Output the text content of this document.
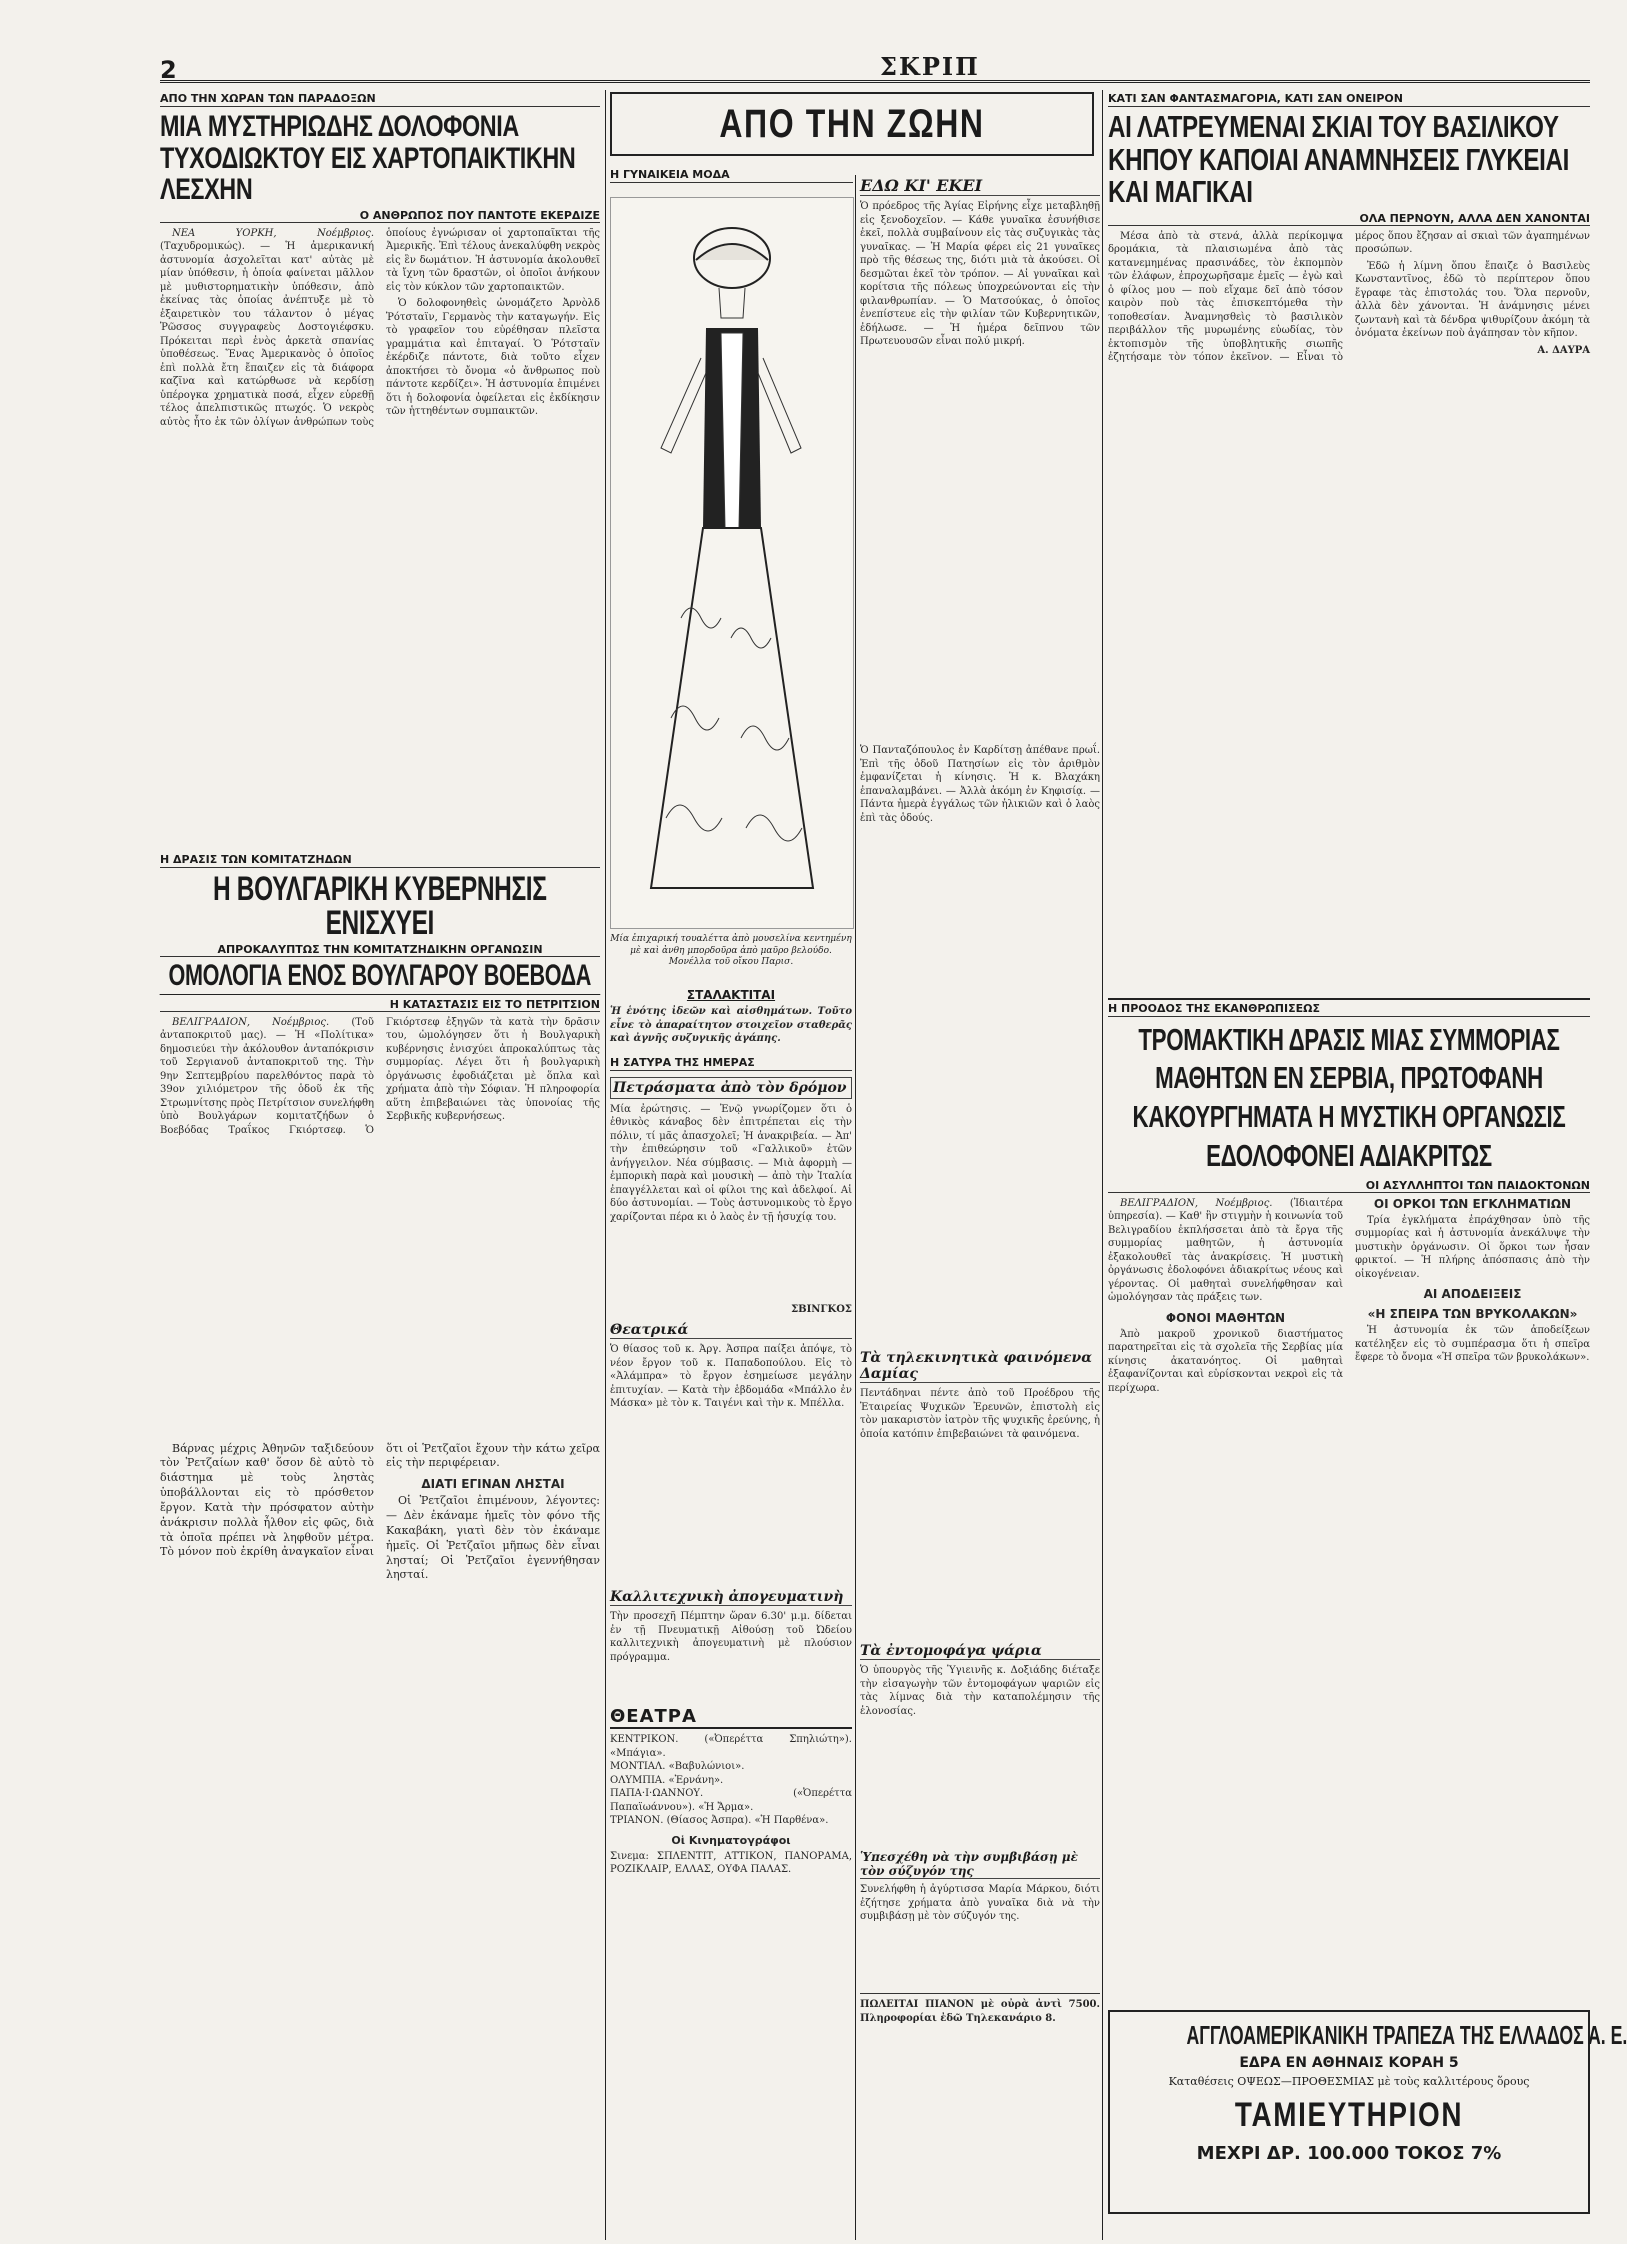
2	ΣΚΡΙΠ
ΑΠΟ ΤΗΝ ΧΩΡΑΝ ΤΩΝ ΠΑΡΑΔΟΞΩΝ
ΜΙΑ ΜΥΣΤΗΡΙΩΔΗΣ ΔΟΛΟΦΟΝΙΑ ΤΥΧΟΔΙΩΚΤΟΥ ΕΙΣ ΧΑΡΤΟΠΑΙΚΤΙΚΗΝ ΛΕΣΧΗΝ
Ο ΑΝΘΡΩΠΟΣ ΠΟΥ ΠΑΝΤΟΤΕ ΕΚΕΡΔΙΖΕ

ΝΕΑ ΥΟΡΚΗ, Νοέμβριος. (Ταχυδρομικώς). — Ἡ ἀμερικανική ἀστυνομία ἀσχολεῖται κατ' αὐτὰς μὲ μίαν ὑπόθεσιν, ἡ ὁποία φαίνεται μᾶλλον μὲ μυθιστορηματικὴν ὑπόθεσιν, ἀπὸ ἐκείνας τὰς ὁποίας ἀνέπτυξε μὲ τὸ ἐξαιρετικὸν του τάλαντον ὁ μέγας Ῥῶσσος συγγραφεὺς Δοστογιέφσκυ. Πρόκειται περὶ ἑνὸς ἀρκετὰ σπανίας ὑποθέσεως. Ἕνας Ἀμερικανὸς ὁ ὁποῖος ἐπὶ πολλὰ ἔτη ἔπαιζεν εἰς τὰ διάφορα καζῖνα καὶ κατώρθωσε νὰ κερδίσῃ ὑπέρογκα χρηματικὰ ποσά, εἶχεν εὑρεθῇ τέλος ἀπελπιστικῶς πτωχός. Ὁ νεκρὸς αὐτὸς ἦτο ἐκ τῶν ὀλίγων ἀνθρώπων τοὺς ὁποίους ἐγνώρισαν οἱ χαρτοπαῖκται τῆς Ἀμερικῆς. Ἐπὶ τέλους ἀνεκαλύφθη νεκρὸς εἰς ἓν δωμάτιον. Ἡ ἀστυνομία ἀκολουθεῖ τὰ ἴχνη τῶν δραστῶν, οἱ ὁποῖοι ἀνήκουν εἰς τὸν κύκλον τῶν χαρτοπαικτῶν.

Ὁ δολοφονηθεὶς ὠνομάζετο Ἀρνὸλδ Ῥότσταϊν, Γερμανὸς τὴν καταγωγήν. Εἰς τὸ γραφεῖον του εὑρέθησαν πλεῖστα γραμμάτια καὶ ἐπιταγαί. Ὁ Ῥότσταϊν ἐκέρδιζε πάντοτε, διὰ τοῦτο εἶχεν ἀποκτήσει τὸ ὄνομα «ὁ ἄνθρωπος ποὺ πάντοτε κερδίζει». Ἡ ἀστυνομία ἐπιμένει ὅτι ἡ δολοφονία ὀφείλεται εἰς ἐκδίκησιν τῶν ἡττηθέντων συμπαικτῶν.

Η ΔΡΑΣΙΣ ΤΩΝ ΚΟΜΙΤΑΤΖΗΔΩΝ
Η ΒΟΥΛΓΑΡΙΚΗ ΚΥΒΕΡΝΗΣΙΣ ΕΝΙΣΧΥΕΙ
ΑΠΡΟΚΑΛΥΠΤΩΣ ΤΗΝ ΚΟΜΙΤΑΤΖΗΔΙΚΗΝ ΟΡΓΑΝΩΣΙΝ
ΟΜΟΛΟΓΙΑ ΕΝΟΣ ΒΟΥΛΓΑΡΟΥ ΒΟΕΒΟΔΑ
Η ΚΑΤΑΣΤΑΣΙΣ ΕΙΣ ΤΟ ΠΕΤΡΙΤΣΙΟΝ

ΒΕΛΙΓΡΑΔΙΟΝ, Νοέμβριος. (Τοῦ ἀνταποκριτοῦ μας). — Ἡ «Πολίτικα» δημοσιεύει τὴν ἀκόλουθον ἀνταπόκρισιν τοῦ Σεργιανοῦ ἀνταποκριτοῦ της. Τὴν 9ην Σεπτεμβρίου παρελθόντος παρὰ τὸ 39ον χιλιόμετρον τῆς ὁδοῦ ἐκ τῆς Στρωμνίτσης πρὸς Πετρίτσιον συνελήφθη ὑπὸ Βουλγάρων κομιτατζήδων ὁ Βοεβόδας Τραΐκος Γκιόρτσεφ. Ὁ Γκιόρτσεφ ἐξηγῶν τὰ κατὰ τὴν δρᾶσιν του, ὡμολόγησεν ὅτι ἡ Βουλγαρικὴ κυβέρνησις ἐνισχύει ἀπροκαλύπτως τὰς συμμορίας. Λέγει ὅτι ἡ βουλγαρικὴ ὀργάνωσις ἐφοδιάζεται μὲ ὅπλα καὶ χρήματα ἀπὸ τὴν Σόφιαν. Ἡ πληροφορία αὕτη ἐπιβεβαιώνει τὰς ὑπονοίας τῆς Σερβικῆς κυβερνήσεως.

Βάρνας μέχρις Ἀθηνῶν ταξιδεύουν τὸν Ῥετζαίων καθ' ὅσον δὲ αὐτὸ τὸ διάστημα μὲ τοὺς ληστὰς ὑποβάλλονται εἰς τὸ πρόσθετον ἔργον. Κατὰ τὴν πρόσφατον αὐτὴν ἀνάκρισιν πολλὰ ἦλθον εἰς φῶς, διὰ τὰ ὁποῖα πρέπει νὰ ληφθοῦν μέτρα. Τὸ μόνον ποὺ ἐκρίθη ἀναγκαῖον εἶναι ὅτι οἱ Ῥετζαῖοι ἔχουν τὴν κάτω χεῖρα εἰς τὴν περιφέρειαν.

ΔΙΑΤΙ ΕΓΙΝΑΝ ΛΗΣΤΑΙ

Οἱ Ῥετζαῖοι ἐπιμένουν, λέγοντες: — Δὲν ἐκάναμε ἡμεῖς τὸν φόνο τῆς Κακαβάκη, γιατὶ δὲν τὸν ἐκάναμε ἡμεῖς. Οἱ Ῥετζαῖοι μῆπως δὲν εἶναι λησταί; Οἱ Ῥετζαῖοι ἐγεννήθησαν λησταί.

ΑΠΟ ΤΗΝ ΖΩΗΝ
Η ΓΥΝΑΙΚΕΙΑ ΜΟΔΑ
Μία ἐπιχαρική τουαλέττα ἀπὸ μουσελίνα κεντημένη μὲ καὶ ἀνθη μπορδοῦρα ἀπὸ μαῦρο βελούδο. Μονέλλα τοῦ οἴκου Παρισ.
ΣΤΑΛΑΚΤΙΤΑΙ
Ἡ ἑνότης ἰδεῶν καὶ αἰσθημάτων. Τοῦτο εἶνε τὸ ἀπαραίτητον στοιχεῖον σταθερᾶς καὶ ἀγνῆς συζυγικῆς ἀγάπης.
Η ΣΑΤΥΡΑ ΤΗΣ ΗΜΕΡΑΣ
Πετράσματα ἀπὸ τὸν δρόμον
Μία ἐρώτησις. — Ἐνῷ γνωρίζομεν ὅτι ὁ ἐθνικὸς κάναβος δὲν ἐπιτρέπεται εἰς τὴν πόλιν, τί μᾶς ἀπασχολεῖ; Ἡ ἀνακριβεία. — Ἀπ' τὴν ἐπιθεώρησιν τοῦ «Γαλλικοῦ» ἐτῶν ἀνήγγειλον. Νέα σύμβασις. — Μιὰ ἀφορμὴ — ἐμπορικὴ παρὰ καὶ μουσικὴ — ἀπὸ τὴν Ἰταλία ἐπαγγέλλεται καὶ οἱ φίλοι της καὶ ἀδελφοί. Αἱ δύο ἀστυνομίαι. — Τοὺς ἀστυνομικοὺς τὸ ἔργο χαρίζονται πέρα κι ὁ λαὸς ἐν τῇ ἡσυχίᾳ του.
ΣΒΙΝΓΚΟΣ
Θεατρικά
Ὁ θίασος τοῦ κ. Ἀργ. Ἀσπρα παίξει ἀπόψε, τὸ νέον ἔργον τοῦ κ. Παπαδοπούλου. Εἰς τὸ «Ἀλάμπρα» τὸ ἔργον ἐσημείωσε μεγάλην ἐπιτυχίαν. — Κατὰ τὴν ἑβδομάδα «Μπάλλο ἐν Μάσκα» μὲ τὸν κ. Ταιγένι καὶ τὴν κ. Μπέλλα.
Καλλιτεχνικὴ ἀπογευματινὴ
Τὴν προσεχῆ Πέμπτην ὥραν 6.30' μ.μ. δίδεται ἐν τῇ Πνευματικῇ Αἰθούσῃ τοῦ Ὠδείου καλλιτεχνικὴ ἀπογευματινὴ μὲ πλούσιον πρόγραμμα.
ΘΕΑΤΡΑ
ΚΕΝΤΡΙΚΟΝ. («Ὀπερέττα Σπηλιώτη»). «Μπάγια».
ΜΟΝΤΙΑΛ. «Βαβυλώνιοι».
ΟΛΥΜΠΙΑ. «Ἐρνάνη».
ΠΑΠΑ·Ι·ΩΑΝΝΟΥ. («Ὀπερέττα Παπαϊωάννου»). «Ἡ Ἄρμα».
ΤΡΙΑΝΟΝ. (Θίασος Ἀσπρα). «Ἡ Παρθένα».
Οἱ Κινηματογράφοι
Σινεμα: ΣΠΛΕΝΤΙΤ, ΑΤΤΙΚΟΝ, ΠΑΝΟΡΑΜΑ, ΡΟΖΙΚΛΑΙΡ, ΕΛΛΑΣ, ΟΥΦΑ ΠΑΛΑΣ.
ΕΔΩ ΚΙ' ΕΚΕΙ
Ὁ πρόεδρος τῆς Ἀγίας Εἰρήνης εἶχε μεταβληθῇ εἰς ξενοδοχεῖον. — Κάθε γυναῖκα ἐσυνήθισε ἐκεῖ, πολλὰ συμβαίνουν εἰς τὰς συζυγικὰς τὰς γυναῖκας. — Ἡ Μαρία φέρει εἰς 21 γυναῖκες πρὸ τῆς θέσεως της, διότι μιὰ τὰ ἀκούσει. Οἱ δεσμῶται ἐκεῖ τὸν τρόπον. — Αἱ γυναῖκαι καὶ κορίτσια τῆς πόλεως ὑποχρεώνονται εἰς τὴν φιλανθρωπίαν. — Ὁ Ματσούκας, ὁ ὁποῖος ἐνεπίστευε εἰς τὴν φιλίαν τῶν Κυβερνητικῶν, ἐδήλωσε. — Ἡ ἡμέρα δεῖπνου τῶν Πρωτευουσῶν εἶναι πολύ μικρή.
Ὁ Πανταζόπουλος ἐν Καρδίτσῃ ἀπέθανε πρωΐ. Ἐπὶ τῆς ὁδοῦ Πατησίων εἰς τὸν ἀριθμὸν ἐμφανίζεται ἡ κίνησις. Ἡ κ. Βλαχάκη ἐπαναλαμβάνει. — Ἀλλὰ ἀκόμη ἐν Κηφισίᾳ. — Πάντα ἡμερὰ ἐγγάλως τῶν ἡλικιῶν καὶ ὁ λαὸς ἐπὶ τὰς ὁδούς.
Τὰ τηλεκινητικὰ φαινόμενα Δαμίας
Πεντάδηναι πέντε ἀπὸ τοῦ Προέδρου τῆς Ἑταιρείας Ψυχικῶν Ἐρευνῶν, ἐπιστολὴ εἰς τὸν μακαριστὸν ἰατρὸν τῆς ψυχικῆς ἐρεύνης, ἡ ὁποία κατόπιν ἐπιβεβαιώνει τὰ φαινόμενα.
Τὰ ἐντομοφάγα ψάρια
Ὁ ὑπουργὸς τῆς Ὑγιεινῆς κ. Δοξιάδης διέταξε τὴν εἰσαγωγὴν τῶν ἐντομοφάγων ψαριῶν εἰς τὰς λίμνας διὰ τὴν καταπολέμησιν τῆς ἑλονοσίας.
Ὑπεσχέθη νὰ τὴν συμβιβάσῃ μὲ τὸν σύζυγόν της
Συνελήφθη ἡ ἀγύρτισσα Μαρία Μάρκου, διότι ἐζήτησε χρήματα ἀπὸ γυναῖκα διὰ νὰ τὴν συμβιβάσῃ μὲ τὸν σύζυγόν της.
ΠΩΛΕΙΤΑΙ ΠΙΑΝΟΝ μὲ οὐρὰ ἀντὶ 7500. Πληροφορίαι ἐδῶ Τηλεκανάριο 8.
ΚΑΤΙ ΣΑΝ ΦΑΝΤΑΣΜΑΓΟΡΙΑ, ΚΑΤΙ ΣΑΝ ΟΝΕΙΡΟΝ
ΑΙ ΛΑΤΡΕΥΜΕΝΑΙ ΣΚΙΑΙ ΤΟΥ ΒΑΣΙΛΙΚΟΥ ΚΗΠΟΥ ΚΑΠΟΙΑΙ ΑΝΑΜΝΗΣΕΙΣ ΓΛΥΚΕΙΑΙ ΚΑΙ ΜΑΓΙΚΑΙ
ΟΛΑ ΠΕΡΝΟΥΝ, ΑΛΛΑ ΔΕΝ ΧΑΝΟΝΤΑΙ

Μέσα ἀπὸ τὰ στενά, ἀλλὰ περίκομψα δρομάκια, τὰ πλαισιωμένα ἀπὸ τὰς κατανεμημένας πρασινάδες, τὸν ἐκπομπὸν τῶν ἐλάφων, ἐπροχωρῆσαμε ἐμεῖς — ἐγὼ καὶ ὁ φίλος μου — ποὺ εἴχαμε δεῖ ἀπὸ τόσον καιρὸν ποὺ τὰς ἐπισκεπτόμεθα τὴν τοποθεσίαν. Ἀναμνησθεὶς τὸ βασιλικὸν περιβάλλον τῆς μυρωμένης εὐωδίας, τὸν ἐκτοπισμὸν τῆς ὑποβλητικῆς σιωπῆς ἐζητήσαμε τὸν τόπον ἐκεῖνον. — Εἶναι τὸ μέρος ὅπου ἔζησαν αἱ σκιαὶ τῶν ἀγαπημένων προσώπων.

Ἐδῶ ἡ λίμνη ὅπου ἔπαιζε ὁ Βασιλεὺς Κωνσταντῖνος, ἐδῶ τὸ περίπτερον ὅπου ἔγραφε τὰς ἐπιστολάς του. Ὅλα περνοῦν, ἀλλὰ δὲν χάνονται. Ἡ ἀνάμνησις μένει ζωντανὴ καὶ τὰ δένδρα ψιθυρίζουν ἀκόμη τὰ ὀνόματα ἐκείνων ποὺ ἀγάπησαν τὸν κῆπον.

Α. ΔΑΥΡΑ
Η ΠΡΟΟΔΟΣ ΤΗΣ ΕΚΑΝΘΡΩΠΙΣΕΩΣ
ΤΡΟΜΑΚΤΙΚΗ ΔΡΑΣΙΣ ΜΙΑΣ ΣΥΜΜΟΡΙΑΣ ΜΑΘΗΤΩΝ ΕΝ ΣΕΡΒΙΑ, ΠΡΩΤΟΦΑΝΗ ΚΑΚΟΥΡΓΗΜΑΤΑ Η ΜΥΣΤΙΚΗ ΟΡΓΑΝΩΣΙΣ ΕΔΟΛΟΦΟΝΕΙ ΑΔΙΑΚΡΙΤΩΣ
ΟΙ ΑΣΥΛΛΗΠΤΟΙ ΤΩΝ ΠΑΙΔΟΚΤΟΝΩΝ

ΒΕΛΙΓΡΑΔΙΟΝ, Νοέμβριος. (Ἰδιαιτέρα ὑπηρεσία). — Καθ' ἣν στιγμὴν ἡ κοινωνία τοῦ Βελιγραδίου ἐκπλήσσεται ἀπὸ τὰ ἔργα τῆς συμμορίας μαθητῶν, ἡ ἀστυνομία ἐξακολουθεῖ τὰς ἀνακρίσεις. Ἡ μυστικὴ ὀργάνωσις ἐδολοφόνει ἀδιακρίτως νέους καὶ γέροντας. Οἱ μαθηταὶ συνελήφθησαν καὶ ὡμολόγησαν τὰς πράξεις των.

ΦΟΝΟΙ ΜΑΘΗΤΩΝ

Ἀπὸ μακροῦ χρονικοῦ διαστήματος παρατηρεῖται εἰς τὰ σχολεῖα τῆς Σερβίας μία κίνησις ἀκατανόητος. Οἱ μαθηταὶ ἐξαφανίζονται καὶ εὑρίσκονται νεκροὶ εἰς τὰ περίχωρα.

ΟΙ ΟΡΚΟΙ ΤΩΝ ΕΓΚΛΗΜΑΤΙΩΝ

Τρία ἐγκλήματα ἐπράχθησαν ὑπὸ τῆς συμμορίας καὶ ἡ ἀστυνομία ἀνεκάλυψε τὴν μυστικὴν ὀργάνωσιν. Οἱ ὅρκοι των ἦσαν φρικτοί. — Ἡ πλήρης ἀπόσπασις ἀπὸ τὴν οἰκογένειαν.

ΑΙ ΑΠΟΔΕΙΞΕΙΣ
«Η ΣΠΕΙΡΑ ΤΩΝ ΒΡΥΚΟΛΑΚΩΝ»

Ἡ ἀστυνομία ἐκ τῶν ἀποδείξεων κατέληξεν εἰς τὸ συμπέρασμα ὅτι ἡ σπεῖρα ἔφερε τὸ ὄνομα «Ἡ σπεῖρα τῶν βρυκολάκων».

ΑΓΓΛΟΑΜΕΡΙΚΑΝΙΚΗ ΤΡΑΠΕΖΑ ΤΗΣ ΕΛΛΑΔΟΣ Α. Ε.
ΕΔΡΑ ΕΝ ΑΘΗΝΑΙΣ ΚΟΡΑΗ 5
Καταθέσεις ΟΨΕΩΣ—ΠΡΟΘΕΣΜΙΑΣ μὲ τοὺς καλλιτέρους ὅρους
ΤΑΜΙΕΥΤΗΡΙΟΝ
ΜΕΧΡΙ ΔΡ. 100.000 ΤΟΚΟΣ 7%
